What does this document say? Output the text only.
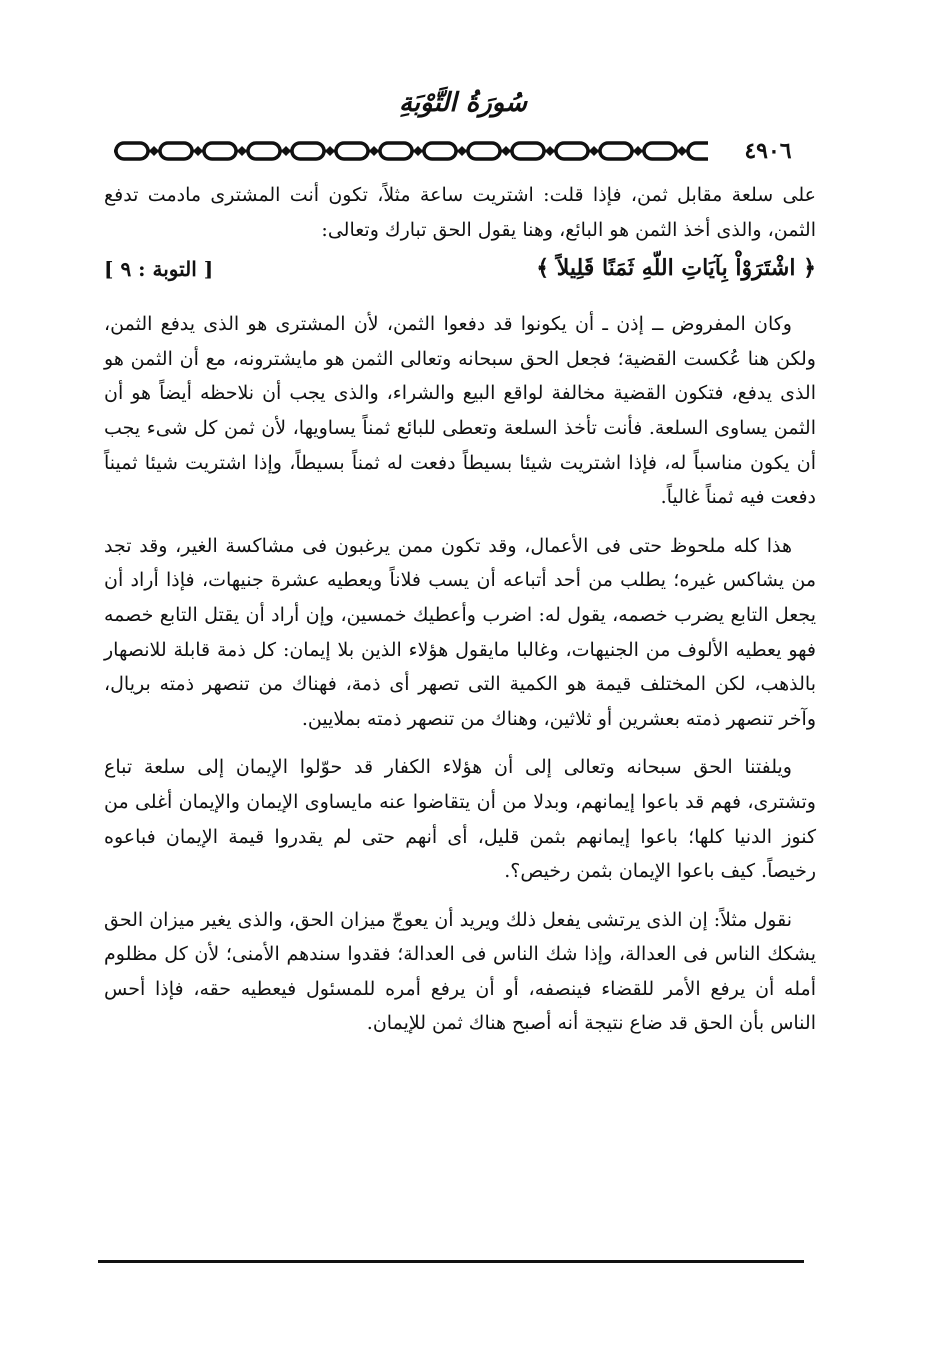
سُورَةُ التَّوْبَةِ
٤٩٠٦

على سلعة مقابل ثمن، فإذا قلت: اشتريت ساعة مثلاً، تكون أنت المشترى مادمت تدفع الثمن، والذى أخذ الثمن هو البائع، وهنا يقول الحق تبارك وتعالى:

﴿ اشْتَرَوْاْ بِآيَاتِ اللّهِ ثَمَنًا قَلِيلاً ﴾
[ التوبة : ٩ ]

وكان المفروض ــ إذن ـ أن يكونوا قد دفعوا الثمن، لأن المشترى هو الذى يدفع الثمن، ولكن هنا عُكست القضية؛ فجعل الحق سبحانه وتعالى الثمن هو مايشترونه، مع أن الثمن هو الذى يدفع، فتكون القضية مخالفة لواقع البيع والشراء، والذى يجب أن نلاحظه أيضاً هو أن الثمن يساوى السلعة. فأنت تأخذ السلعة وتعطى للبائع ثمناً يساويها، لأن ثمن كل شىء يجب أن يكون مناسباً له، فإذا اشتريت شيئا بسيطاً دفعت له ثمناً بسيطاً، وإذا اشتريت شيئا ثميناً دفعت فيه ثمناً غالياً.

هذا كله ملحوظ حتى فى الأعمال، وقد تكون ممن يرغبون فى مشاكسة الغير، وقد تجد من يشاكس غيره؛ يطلب من أحد أتباعه أن يسب فلاناً ويعطيه عشرة جنيهات، فإذا أراد أن يجعل التابع يضرب خصمه، يقول له: اضرب وأعطيك خمسين، وإن أراد أن يقتل التابع خصمه فهو يعطيه الألوف من الجنيهات، وغالبا مايقول هؤلاء الذين بلا إيمان: كل ذمة قابلة للانصهار بالذهب، لكن المختلف قيمة هو الكمية التى تصهر أى ذمة، فهناك من تنصهر ذمته بريال، وآخر تنصهر ذمته بعشرين أو ثلاثين، وهناك من تنصهر ذمته بملايين.

ويلفتنا الحق سبحانه وتعالى إلى أن هؤلاء الكفار قد حوّلوا الإيمان إلى سلعة تباع وتشترى، فهم قد باعوا إيمانهم، وبدلا من أن يتقاضوا عنه مايساوى الإيمان والإيمان أغلى من كنوز الدنيا كلها؛ باعوا إيمانهم بثمن قليل، أى أنهم حتى لم يقدروا قيمة الإيمان فباعوه رخيصاً. كيف باعوا الإيمان بثمن رخيص؟.

نقول مثلاً: إن الذى يرتشى يفعل ذلك ويريد أن يعوجّ ميزان الحق، والذى يغير ميزان الحق يشكك الناس فى العدالة، وإذا شك الناس فى العدالة؛ فقدوا سندهم الأمنى؛ لأن كل مظلوم أمله أن يرفع الأمر للقضاء فينصفه، أو أن يرفع أمره للمسئول فيعطيه حقه، فإذا أحس الناس بأن الحق قد ضاع نتيجة أنه أصبح هناك ثمن للإيمان.
